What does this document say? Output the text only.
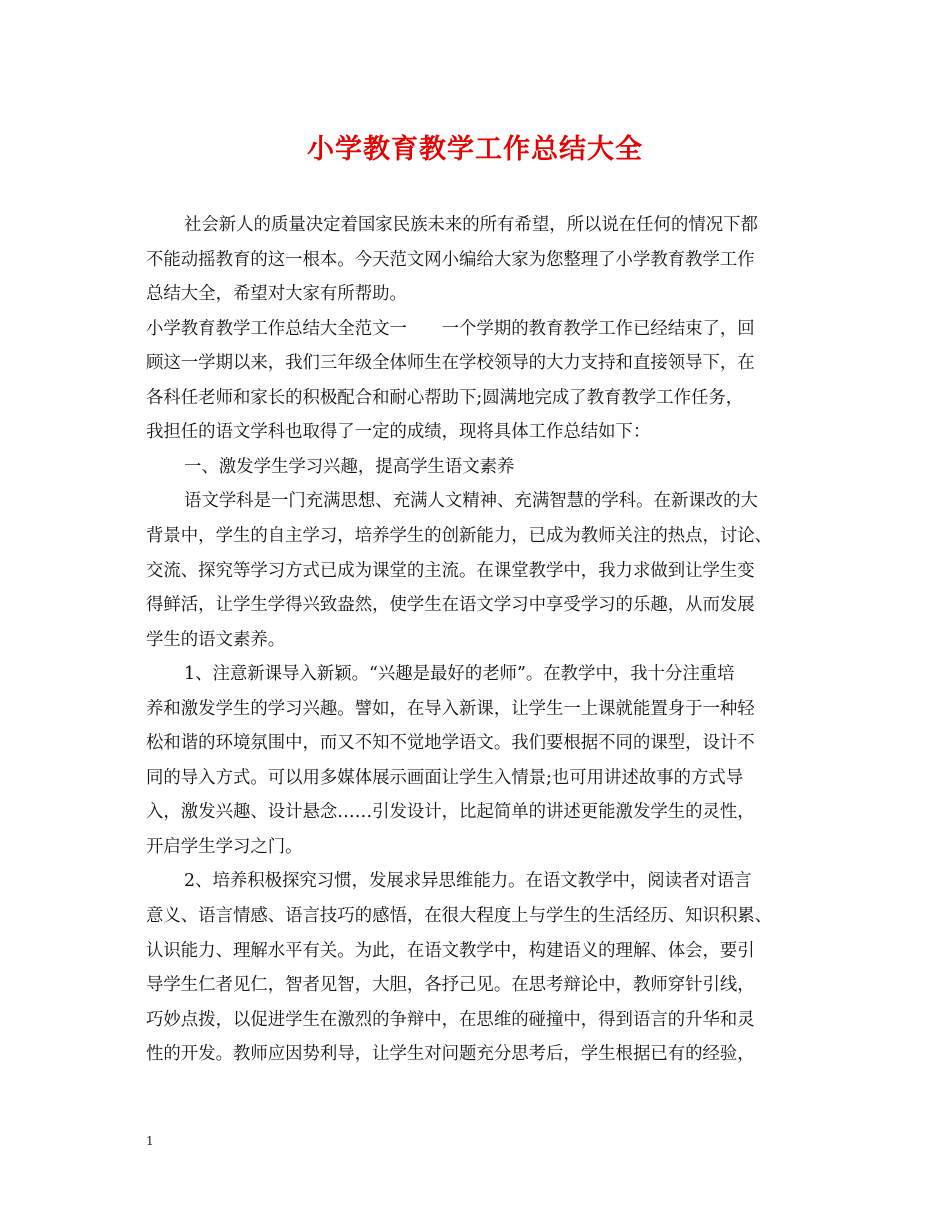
小学教育教学工作总结大全

社会新人的质量决定着国家民族未来的所有希望，所以说在任何的情况下都

不能动摇教育的这一根本。今天范文网小编给大家为您整理了小学教育教学工作

总结大全，希望对大家有所帮助。

小学教育教学工作总结大全范文一　　一个学期的教育教学工作已经结束了，回

顾这一学期以来，我们三年级全体师生在学校领导的大力支持和直接领导下，在

各科任老师和家长的积极配合和耐心帮助下;圆满地完成了教育教学工作任务，

我担任的语文学科也取得了一定的成绩，现将具体工作总结如下：

一、激发学生学习兴趣，提高学生语文素养

语文学科是一门充满思想、充满人文精神、充满智慧的学科。在新课改的大

背景中，学生的自主学习，培养学生的创新能力，已成为教师关注的热点，讨论、

交流、探究等学习方式已成为课堂的主流。在课堂教学中，我力求做到让学生变

得鲜活，让学生学得兴致盎然，使学生在语文学习中享受学习的乐趣，从而发展

学生的语文素养。

1、注意新课导入新颖。“兴趣是最好的老师”。在教学中，我十分注重培

养和激发学生的学习兴趣。譬如，在导入新课，让学生一上课就能置身于一种轻

松和谐的环境氛围中，而又不知不觉地学语文。我们要根据不同的课型，设计不

同的导入方式。可以用多媒体展示画面让学生入情景;也可用讲述故事的方式导

入，激发兴趣、设计悬念……引发设计，比起简单的讲述更能激发学生的灵性，

开启学生学习之门。

2、培养积极探究习惯，发展求异思维能力。在语文教学中，阅读者对语言

意义、语言情感、语言技巧的感悟，在很大程度上与学生的生活经历、知识积累、

认识能力、理解水平有关。为此，在语文教学中，构建语义的理解、体会，要引

导学生仁者见仁，智者见智，大胆，各抒己见。在思考辩论中，教师穿针引线，

巧妙点拨，以促进学生在激烈的争辩中，在思维的碰撞中，得到语言的升华和灵

性的开发。教师应因势利导，让学生对问题充分思考后，学生根据已有的经验，

1
